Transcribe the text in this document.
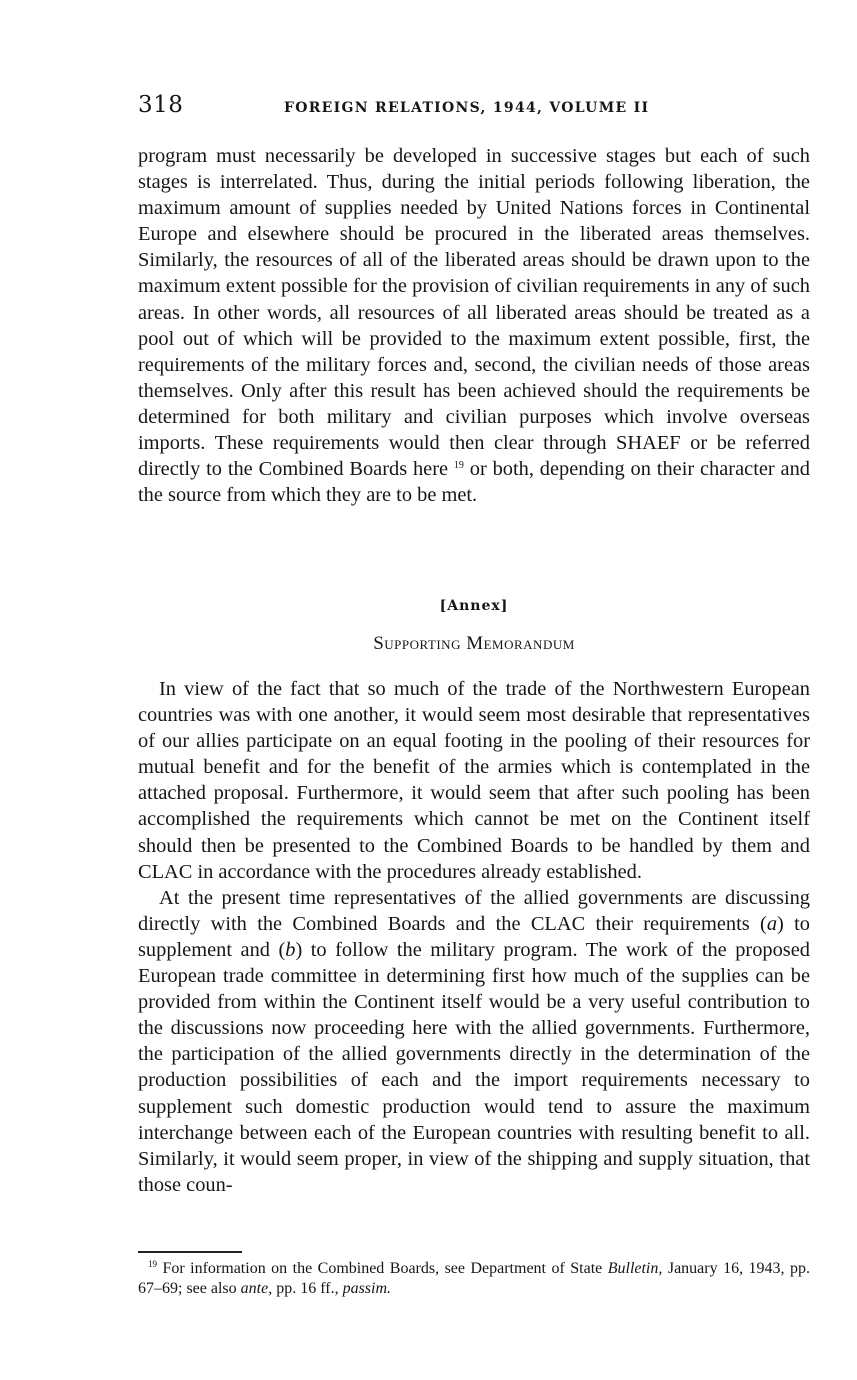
318	FOREIGN RELATIONS, 1944, VOLUME II

program must necessarily be developed in successive stages but each of such stages is interrelated. Thus, during the initial periods following liberation, the maximum amount of supplies needed by United Nations forces in Continental Europe and elsewhere should be procured in the liberated areas themselves. Similarly, the resources of all of the liberated areas should be drawn upon to the maximum extent possible for the provision of civilian requirements in any of such areas. In other words, all resources of all liberated areas should be treated as a pool out of which will be provided to the maximum extent possible, first, the requirements of the military forces and, second, the civilian needs of those areas themselves. Only after this result has been achieved should the requirements be determined for both military and civilian purposes which involve overseas imports. These requirements would then clear through SHAEF or be referred directly to the Combined Boards here $^{19}$ or both, depending on their character and the source from which they are to be met.

[Annex]
Supporting Memorandum

In view of the fact that so much of the trade of the Northwestern European countries was with one another, it would seem most desirable that representatives of our allies participate on an equal footing in the pooling of their resources for mutual benefit and for the benefit of the armies which is contemplated in the attached proposal. Furthermore, it would seem that after such pooling has been accomplished the requirements which cannot be met on the Continent itself should then be presented to the Combined Boards to be handled by them and CLAC in accordance with the procedures already established.

At the present time representatives of the allied governments are discussing directly with the Combined Boards and the CLAC their requirements (a) to supplement and (b) to follow the military program. The work of the proposed European trade committee in determining first how much of the supplies can be provided from within the Continent itself would be a very useful contribution to the discussions now proceeding here with the allied governments. Furthermore, the participation of the allied governments directly in the determination of the production possibilities of each and the import requirements necessary to supplement such domestic production would tend to assure the maximum interchange between each of the European countries with resulting benefit to all. Similarly, it would seem proper, in view of the shipping and supply situation, that those coun-

$^{19}$ For information on the Combined Boards, see Department of State Bulletin, January 16, 1943, pp. 67–69; see also ante, pp. 16 ff., passim.
